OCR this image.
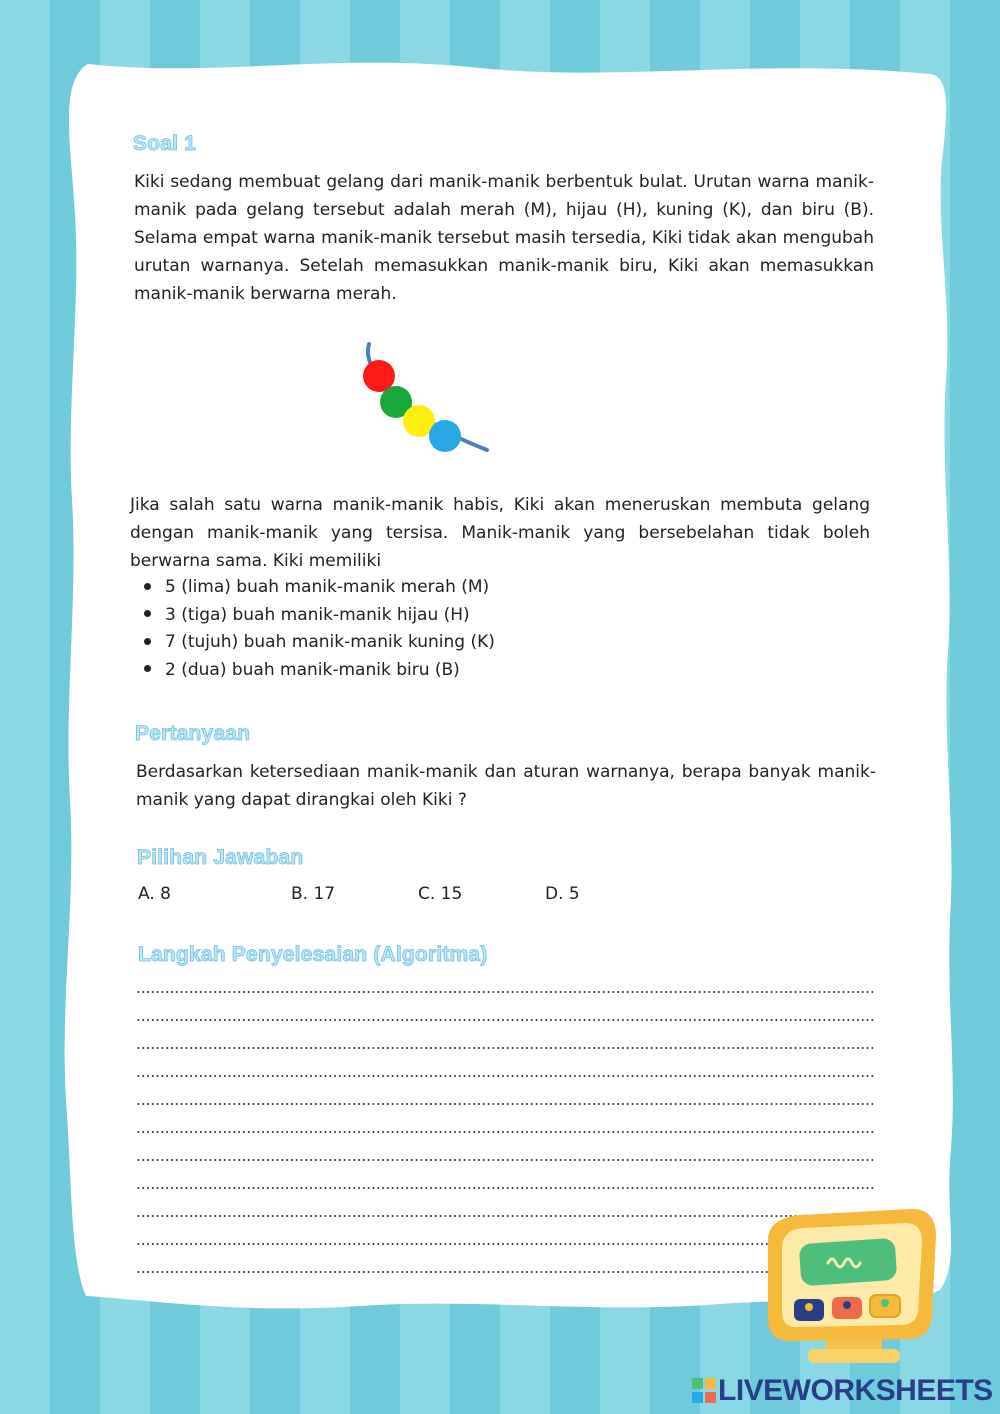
Soal 1

Kiki sedang membuat gelang dari manik-manik berbentuk bulat. Urutan warna manik-manik pada gelang tersebut adalah merah (M), hijau (H), kuning (K), dan biru (B). Selama empat warna manik-manik tersebut masih tersedia, Kiki tidak akan mengubah urutan warnanya. Setelah memasukkan manik-manik biru, Kiki akan memasukkan manik-manik berwarna merah.

Jika salah satu warna manik-manik habis, Kiki akan meneruskan membuta gelang dengan manik-manik yang tersisa. Manik-manik yang bersebelahan tidak boleh berwarna sama. Kiki memiliki

5 (lima) buah manik-manik merah (M)
3 (tiga) buah manik-manik hijau (H)
7 (tujuh) buah manik-manik kuning (K)
2 (dua) buah manik-manik biru (B)
Pertanyaan

Berdasarkan ketersediaan manik-manik dan aturan warnanya, berapa banyak manik-manik yang dapat dirangkai oleh Kiki ?

Pilihan Jawaban
A. 8	B. 17	C. 15	D. 5
Langkah Penyelesaian (Algoritma)
LIVEWORKSHEETS
